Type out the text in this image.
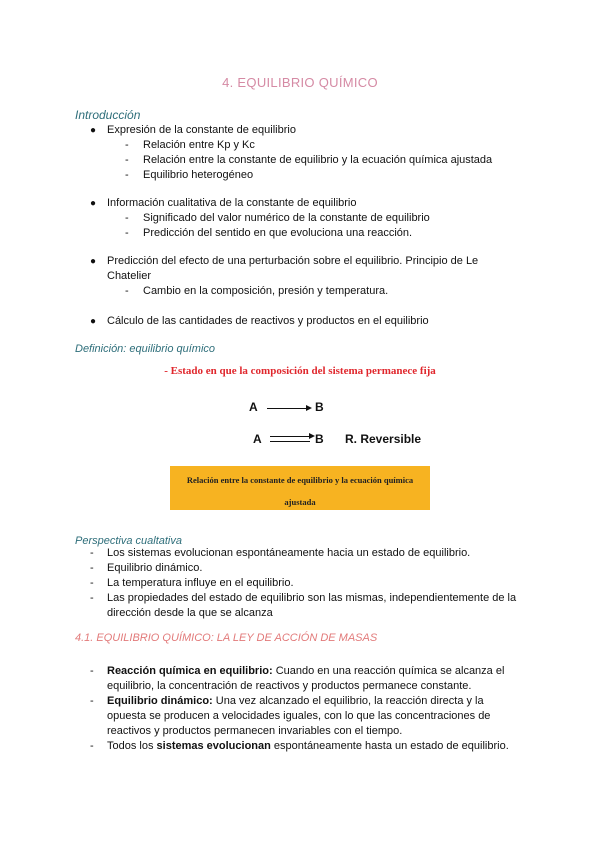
4. EQUILIBRIO QUÍMICO
Introducción
● Expresión de la constante de equilibrio
- Relación entre Kp y Kc
- Relación entre la constante de equilibrio y la ecuación química ajustada
- Equilibrio heterogéneo
● Información cualitativa de la constante de equilibrio
- Significado del valor numérico de la constante de equilibrio
- Predicción del sentido en que evoluciona una reacción.
● Predicción del efecto de una perturbación sobre el equilibrio. Principio de Le
Chatelier
- Cambio en la composición, presión y temperatura.
● Cálculo de las cantidades de reactivos y productos en el equilibrio
Definición: equilibrio químico
- Estado en que la composición del sistema permanece fija
A	B
A	B R. Reversible
Relación entre la constante de equilibrio y la ecuación química
ajustada
Perspectiva cualtativa
- Los sistemas evolucionan espontáneamente hacia un estado de equilibrio.
- Equilibrio dinámico.
- La temperatura influye en el equilibrio.
- Las propiedades del estado de equilibrio son las mismas, independientemente de la
dirección desde la que se alcanza
4.1. EQUILIBRIO QUÍMICO: LA LEY DE ACCIÓN DE MASAS
- Reacción química en equilibrio: Cuando en una reacción química se alcanza el
equilibrio, la concentración de reactivos y productos permanece constante.
- Equilibrio dinámico: Una vez alcanzado el equilibrio, la reacción directa y la
opuesta se producen a velocidades iguales, con lo que las concentraciones de
reactivos y productos permanecen invariables con el tiempo.
- Todos los sistemas evolucionan espontáneamente hasta un estado de equilibrio.
